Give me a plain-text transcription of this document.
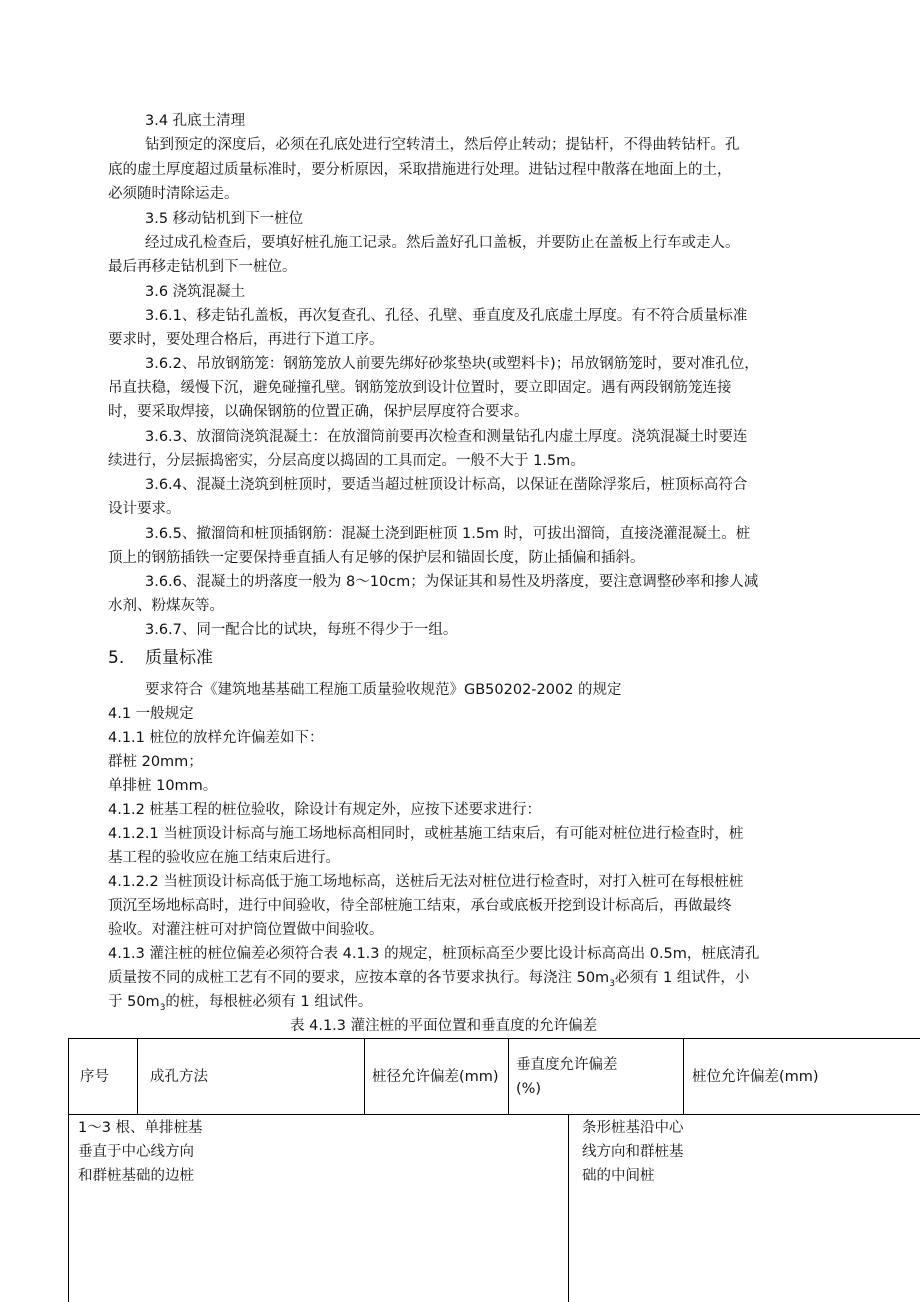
3.4 孔底土清理
钻到预定的深度后，必须在孔底处进行空转清土，然后停止转动；提钻杆，不得曲转钻杆。孔
底的虚土厚度超过质量标准时，要分析原因，采取措施进行处理。进钻过程中散落在地面上的土，
必须随时清除运走。
3.5 移动钻机到下一桩位
经过成孔检查后，要填好桩孔施工记录。然后盖好孔口盖板，并要防止在盖板上行车或走人。
最后再移走钻机到下一桩位。
3.6 浇筑混凝土
3.6.1、移走钻孔盖板，再次复查孔、孔径、孔壁、垂直度及孔底虚土厚度。有不符合质量标准
要求时，要处理合格后，再进行下道工序。
3.6.2、吊放钢筋笼：钢筋笼放人前要先绑好砂浆垫块(或塑料卡)；吊放钢筋笼时，要对准孔位，
吊直扶稳，缓慢下沉，避免碰撞孔壁。钢筋笼放到设计位置时，要立即固定。遇有两段钢筋笼连接
时，要采取焊接，以确保钢筋的位置正确，保护层厚度符合要求。
3.6.3、放溜筒浇筑混凝土：在放溜筒前要再次检查和测量钻孔内虚土厚度。浇筑混凝土时要连
续进行，分层振捣密实，分层高度以捣固的工具而定。一般不大于 1.5m。
3.6.4、混凝土浇筑到桩顶时，要适当超过桩顶设计标高，以保证在凿除浮浆后，桩顶标高符合
设计要求。
3.6.5、撤溜筒和桩顶插钢筋：混凝土浇到距桩顶 1.5m 时，可拔出溜筒，直接浇灌混凝土。桩
顶上的钢筋插铁一定要保持垂直插人有足够的保护层和锚固长度，防止插偏和插斜。
3.6.6、混凝土的坍落度一般为 8～10cm；为保证其和易性及坍落度，要注意调整砂率和掺人减
水剂、粉煤灰等。
3.6.7、同一配合比的试块，每班不得少于一组。
5. 质量标准
要求符合《建筑地基基础工程施工质量验收规范》GB50202-2002 的规定
4.1 一般规定
4.1.1 桩位的放样允许偏差如下：
群桩 20mm；
单排桩 10mm。
4.1.2 桩基工程的桩位验收，除设计有规定外，应按下述要求进行：
4.1.2.1 当桩顶设计标高与施工场地标高相同时，或桩基施工结束后，有可能对桩位进行检查时，桩
基工程的验收应在施工结束后进行。
4.1.2.2 当桩顶设计标高低于施工场地标高，送桩后无法对桩位进行检查时，对打入桩可在每根桩桩
顶沉至场地标高时，进行中间验收，待全部桩施工结束，承台或底板开挖到设计标高后，再做最终
验收。对灌注桩可对护筒位置做中间验收。
4.1.3 灌注桩的桩位偏差必须符合表 4.1.3 的规定，桩顶标高至少要比设计标高高出 0.5m，桩底清孔
质量按不同的成桩工艺有不同的要求，应按本章的各节要求执行。每浇注 $50m_3$必须有 1 组试件，小
于 $50m_3$的桩，每根桩必须有 1 组试件。
表 4.1.3 灌注桩的平面位置和垂直度的允许偏差
序号	成孔方法	桩径允许偏差(mm)
垂直度允许偏差
(%)
桩位允许偏差(mm)
1～3 根、单排桩基
垂直于中心线方向
和群桩基础的边桩
条形桩基沿中心
线方向和群桩基
础的中间桩
